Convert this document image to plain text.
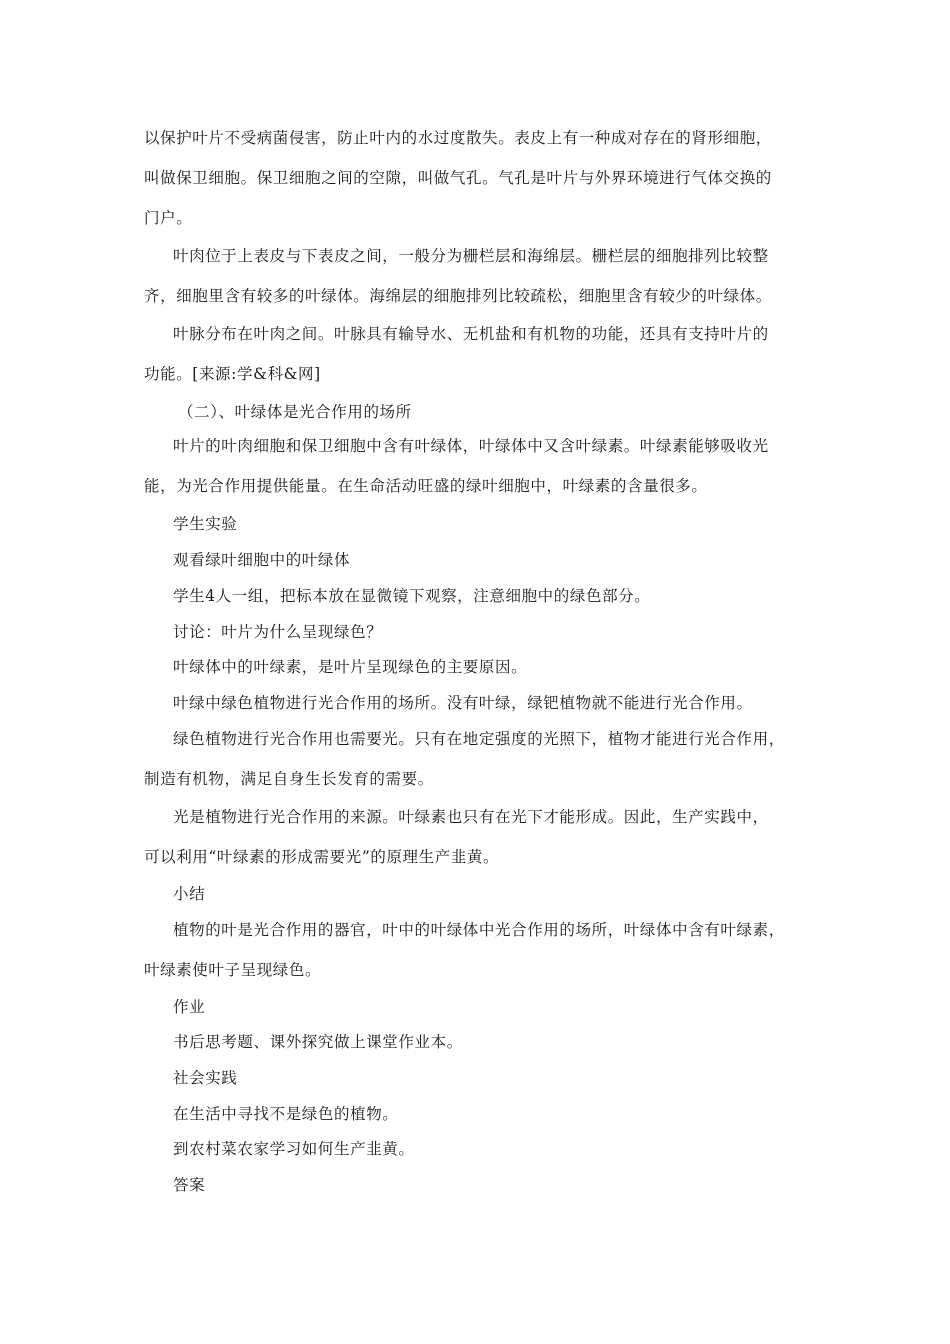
以保护叶片不受病菌侵害，防止叶内的水过度散失。表皮上有一种成对存在的肾形细胞，
叫做保卫细胞。保卫细胞之间的空隙，叫做气孔。气孔是叶片与外界环境进行气体交换的
门户。
叶肉位于上表皮与下表皮之间，一般分为栅栏层和海绵层。栅栏层的细胞排列比较整
齐，细胞里含有较多的叶绿体。海绵层的细胞排列比较疏松，细胞里含有较少的叶绿体。
叶脉分布在叶肉之间。叶脉具有输导水、无机盐和有机物的功能，还具有支持叶片的
功能。[来源:学&科&网]
（二）、叶绿体是光合作用的场所
叶片的叶肉细胞和保卫细胞中含有叶绿体，叶绿体中又含叶绿素。叶绿素能够吸收光
能，为光合作用提供能量。在生命活动旺盛的绿叶细胞中，叶绿素的含量很多。
学生实验
观看绿叶细胞中的叶绿体
学生4人一组，把标本放在显微镜下观察，注意细胞中的绿色部分。
讨论：叶片为什么呈现绿色？
叶绿体中的叶绿素，是叶片呈现绿色的主要原因。
叶绿中绿色植物进行光合作用的场所。没有叶绿，绿钯植物就不能进行光合作用。
绿色植物进行光合作用也需要光。只有在地定强度的光照下，植物才能进行光合作用，
制造有机物，满足自身生长发育的需要。
光是植物进行光合作用的来源。叶绿素也只有在光下才能形成。因此，生产实践中，
可以利用“叶绿素的形成需要光”的原理生产韭黄。
小结
植物的叶是光合作用的器官，叶中的叶绿体中光合作用的场所，叶绿体中含有叶绿素，
叶绿素使叶子呈现绿色。
作业
书后思考题、课外探究做上课堂作业本。
社会实践
在生活中寻找不是绿色的植物。
到农村菜农家学习如何生产韭黄。
答案
